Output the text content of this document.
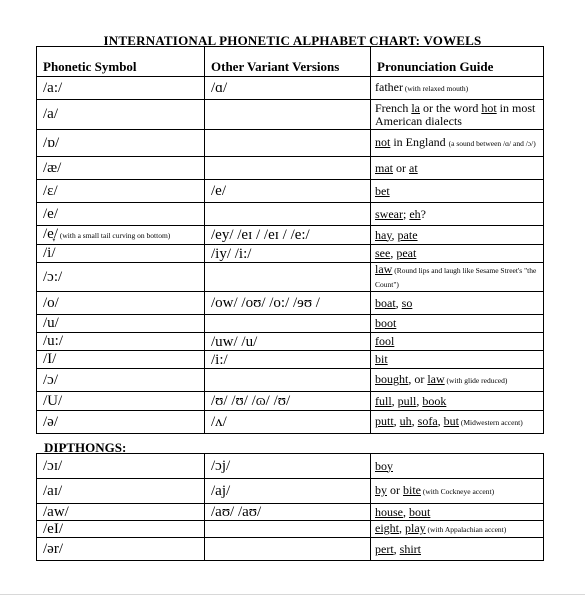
INTERNATIONAL PHONETIC ALPHABET CHART: VOWELS
Phonetic Symbol	Other Variant Versions	Pronunciation Guide
/a:/	/ɑ/	father (with relaxed mouth)
/a/		French la or the word hot in most American dialects
/ɒ/		not in England (a sound between /ɑ/ and /ɔ/)
/æ/		mat or at
/ɛ/	/e/	bet
/e/		swear; eh?
/e̞/ (with a small tail curving on bottom)	/ey/ /eɪ / /eɪ / /e:/	hay, pate
/i/	/iy/ /i:/	see, peat
/ɔ:/		law (Round lips and laugh like Sesame Street's "the Count")
/o/	/ow/ /oʊ/ /o:/ /ɘʊ /	boat, so
/u/		boot
/u:/	/uw/ /u/	fool
/I/	/i:/	bit
/ɔ/		bought, or law (with glide reduced)
/U/	/ʊ/ /ʊ/ /ɷ/ /ʊ/	full, pull, book
/ə/	/ʌ/	putt, uh, sofa, but (Midwestern accent)
DIPTHONGS:
/ɔɪ/	/ɔj/	boy
/aɪ/	/aj/	by or bite (with Cockneye accent)
/aw/	/aʊ/ /aʊ/	house, bout
/eI/		eight, play (with Appalachian accent)
/ər/		pert, shirt
